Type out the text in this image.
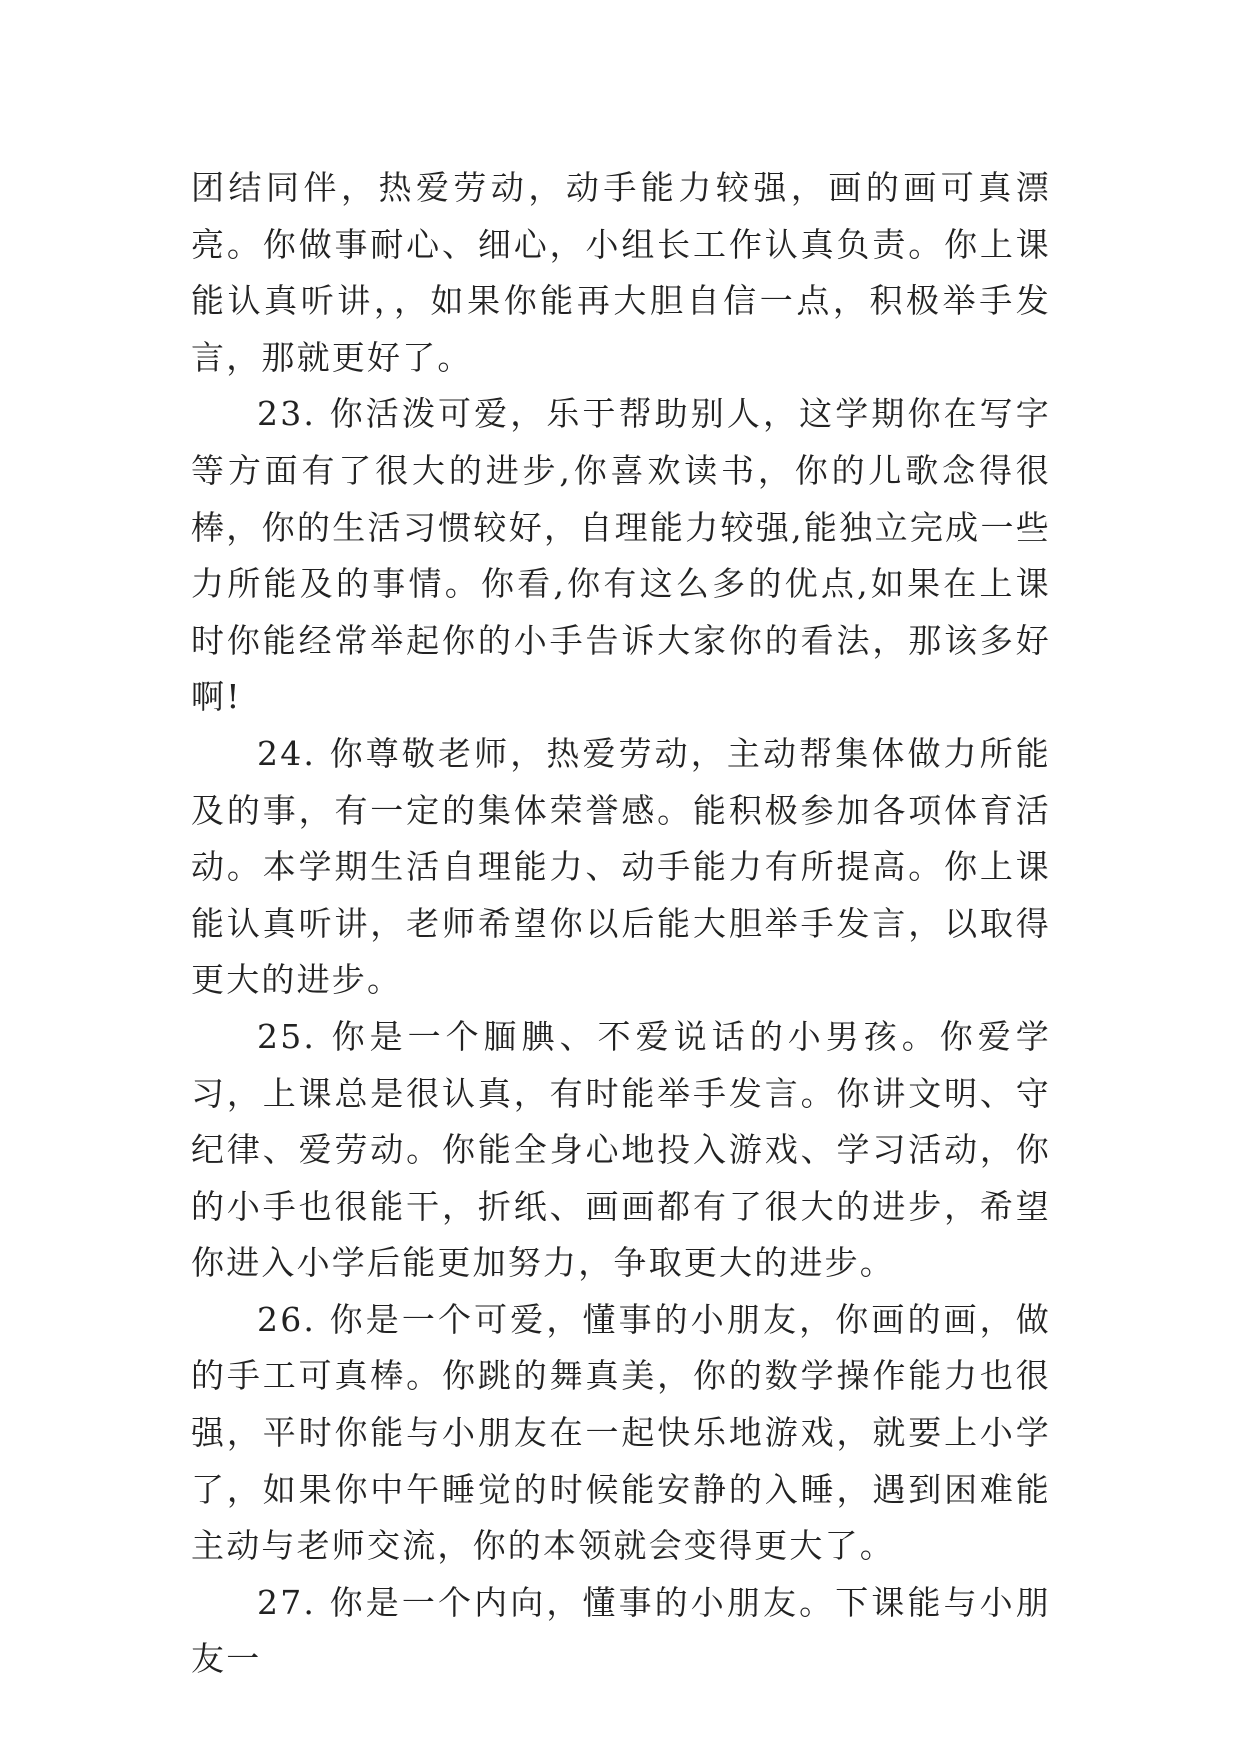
团结同伴，热爱劳动，动手能力较强，画的画可真漂亮。你做事耐心、细心，小组长工作认真负责。你上课能认真听讲，，如果你能再大胆自信一点，积极举手发言，那就更好了。

23. 你活泼可爱，乐于帮助别人，这学期你在写字等方面有了很大的进步,你喜欢读书，你的儿歌念得很棒，你的生活习惯较好，自理能力较强,能独立完成一些力所能及的事情。你看,你有这么多的优点,如果在上课时你能经常举起你的小手告诉大家你的看法，那该多好啊!

24. 你尊敬老师，热爱劳动，主动帮集体做力所能及的事，有一定的集体荣誉感。能积极参加各项体育活动。本学期生活自理能力、动手能力有所提高。你上课能认真听讲，老师希望你以后能大胆举手发言，以取得更大的进步。

25. 你是一个腼腆、不爱说话的小男孩。你爱学习，上课总是很认真，有时能举手发言。你讲文明、守纪律、爱劳动。你能全身心地投入游戏、学习活动，你的小手也很能干，折纸、画画都有了很大的进步，希望你进入小学后能更加努力，争取更大的进步。

26. 你是一个可爱，懂事的小朋友，你画的画，做的手工可真棒。你跳的舞真美，你的数学操作能力也很强，平时你能与小朋友在一起快乐地游戏，就要上小学了，如果你中午睡觉的时候能安静的入睡，遇到困难能主动与老师交流，你的本领就会变得更大了。

27. 你是一个内向，懂事的小朋友。下课能与小朋友一
